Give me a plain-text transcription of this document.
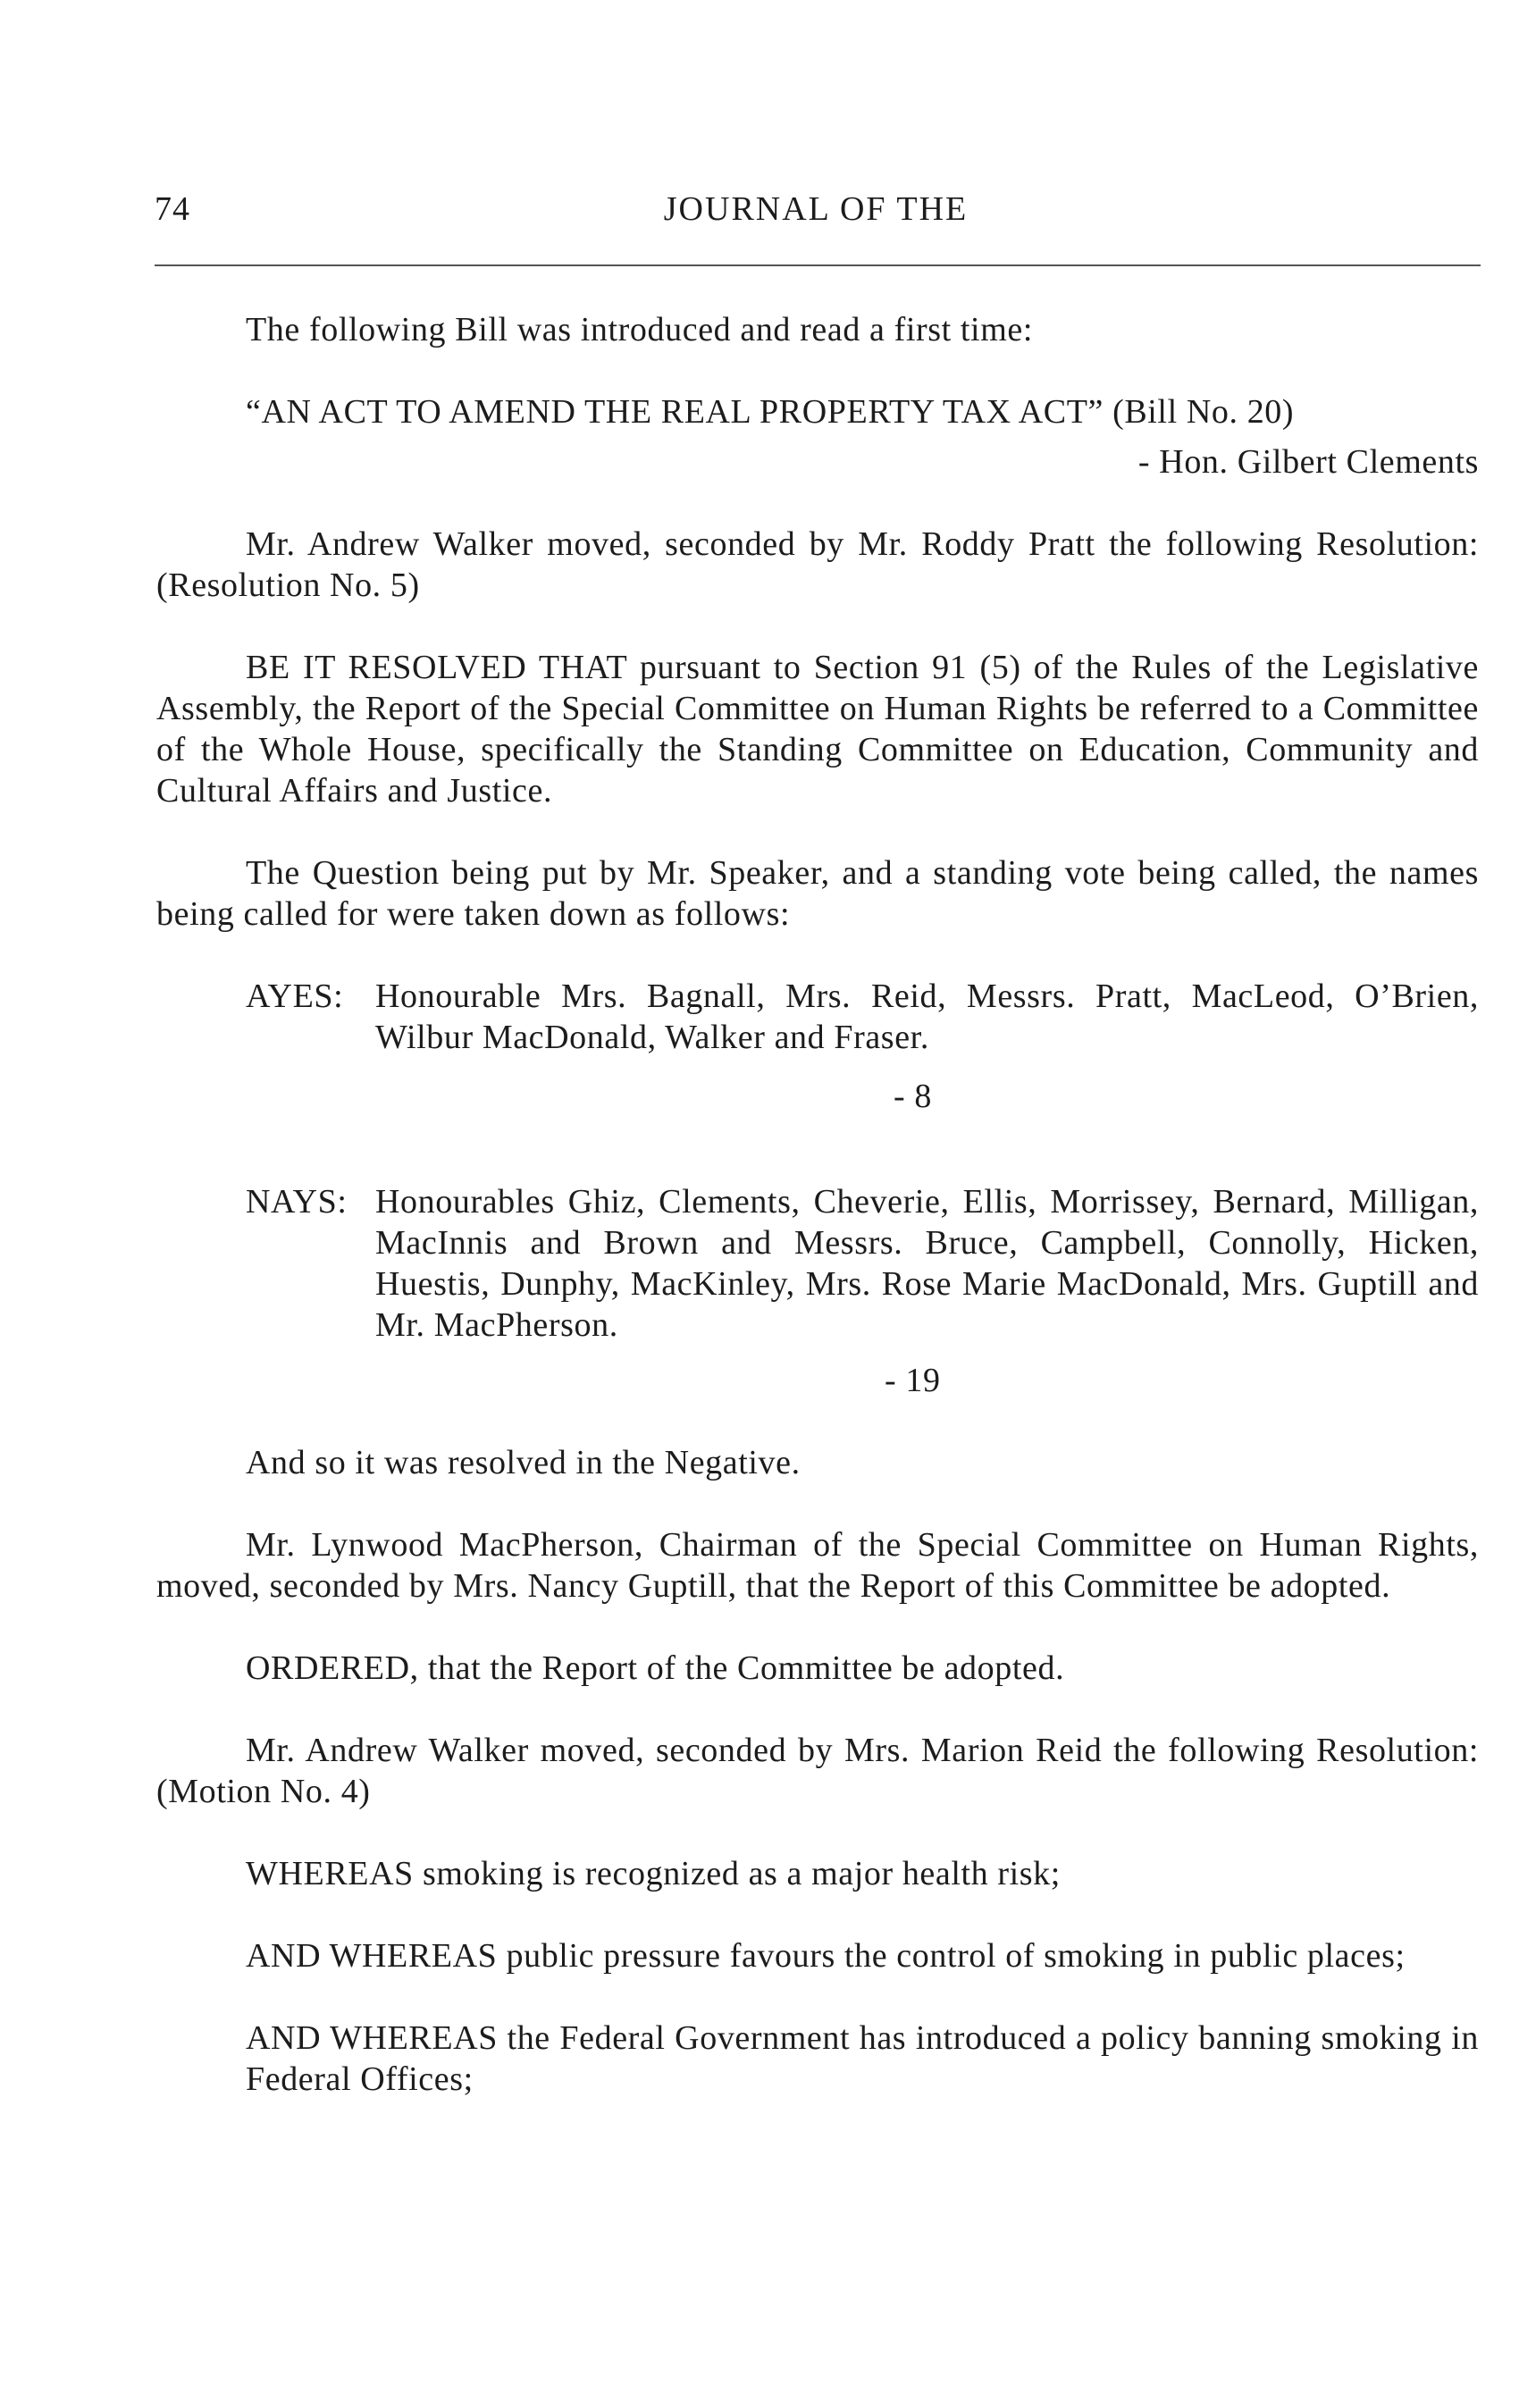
74	JOURNAL OF THE

The following Bill was introduced and read a first time:

“AN ACT TO AMEND THE REAL PROPERTY TAX ACT” (Bill No. 20)

- Hon. Gilbert Clements

Mr. Andrew Walker moved, seconded by Mr. Roddy Pratt the following Resolution: (Resolution No. 5)

BE IT RESOLVED THAT pursuant to Section 91 (5) of the Rules of the Legislative Assembly, the Report of the Special Committee on Human Rights be referred to a Committee of the Whole House, specifically the Standing Committee on Education, Community and Cultural Affairs and Justice.

The Question being put by Mr. Speaker, and a standing vote being called, the names being called for were taken down as follows:

AYES: Honourable Mrs. Bagnall, Mrs. Reid, Messrs. Pratt, MacLeod, O’Brien, Wilbur MacDonald, Walker and Fraser.

- 8

NAYS: Honourables Ghiz, Clements, Cheverie, Ellis, Morrissey, Bernard, Milligan, MacInnis and Brown and Messrs. Bruce, Campbell, Connolly, Hicken, Huestis, Dunphy, MacKinley, Mrs. Rose Marie MacDonald, Mrs. Guptill and Mr. MacPherson.

- 19

And so it was resolved in the Negative.

Mr. Lynwood MacPherson, Chairman of the Special Committee on Human Rights, moved, seconded by Mrs. Nancy Guptill, that the Report of this Committee be adopted.

ORDERED, that the Report of the Committee be adopted.

Mr. Andrew Walker moved, seconded by Mrs. Marion Reid the following Resolution: (Motion No. 4)

WHEREAS smoking is recognized as a major health risk;

AND WHEREAS public pressure favours the control of smoking in public places;

AND WHEREAS the Federal Government has introduced a policy banning smoking in Federal Offices;
